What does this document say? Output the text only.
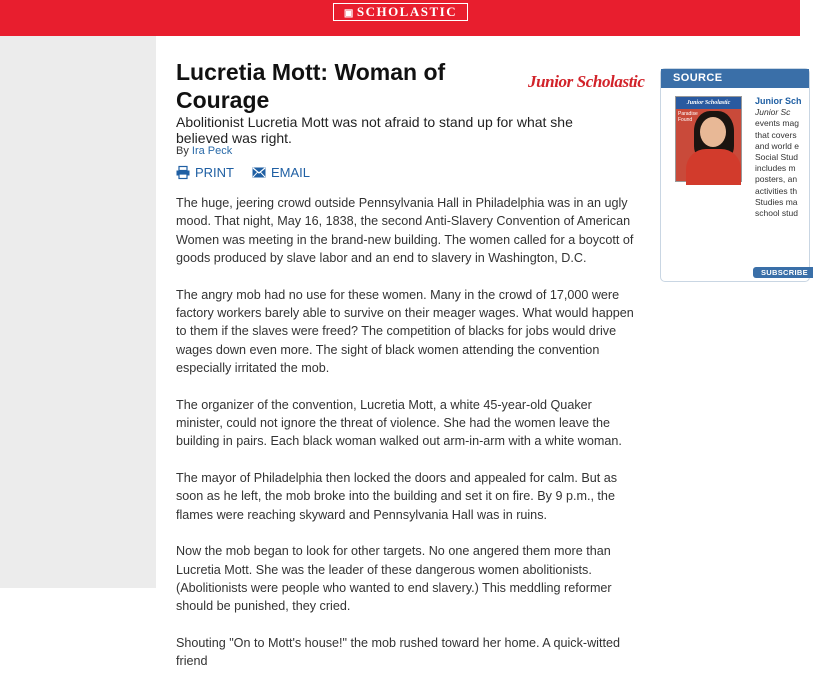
▣ SCHOLASTIC
Lucretia Mott: Woman of Courage
Junior Scholastic
Abolitionist Lucretia Mott was not afraid to stand up for what she believed was right.
By Ira Peck
PRINT	EMAIL

The huge, jeering crowd outside Pennsylvania Hall in Philadelphia was in an ugly mood. That night, May 16, 1838, the second Anti-Slavery Convention of American Women was meeting in the brand-new building. The women called for a boycott of goods produced by slave labor and an end to slavery in Washington, D.C.

The angry mob had no use for these women. Many in the crowd of 17,000 were factory workers barely able to survive on their meager wages. What would happen to them if the slaves were freed? The competition of blacks for jobs would drive wages down even more. The sight of black women attending the convention especially irritated the mob.

The organizer of the convention, Lucretia Mott, a white 45-year-old Quaker minister, could not ignore the threat of violence. She had the women leave the building in pairs. Each black woman walked out arm-in-arm with a white woman.

The mayor of Philadelphia then locked the doors and appealed for calm. But as soon as he left, the mob broke into the building and set it on fire. By 9 p.m., the flames were reaching skyward and Pennsylvania Hall was in ruins.

Now the mob began to look for other targets. No one angered them more than Lucretia Mott. She was the leader of these dangerous women abolitionists. (Abolitionists were people who wanted to end slavery.) This meddling reformer should be punished, they cried.

Shouting "On to Mott's house!" the mob rushed toward her home. A quick-witted friend

SOURCE
Junior Scholastic
Paradise Found
Junior Sch
Junior Sc
events mag
that covers
and world e
Social Stud
includes m
posters, an
activities th
Studies ma
school stud
SUBSCRIBE
